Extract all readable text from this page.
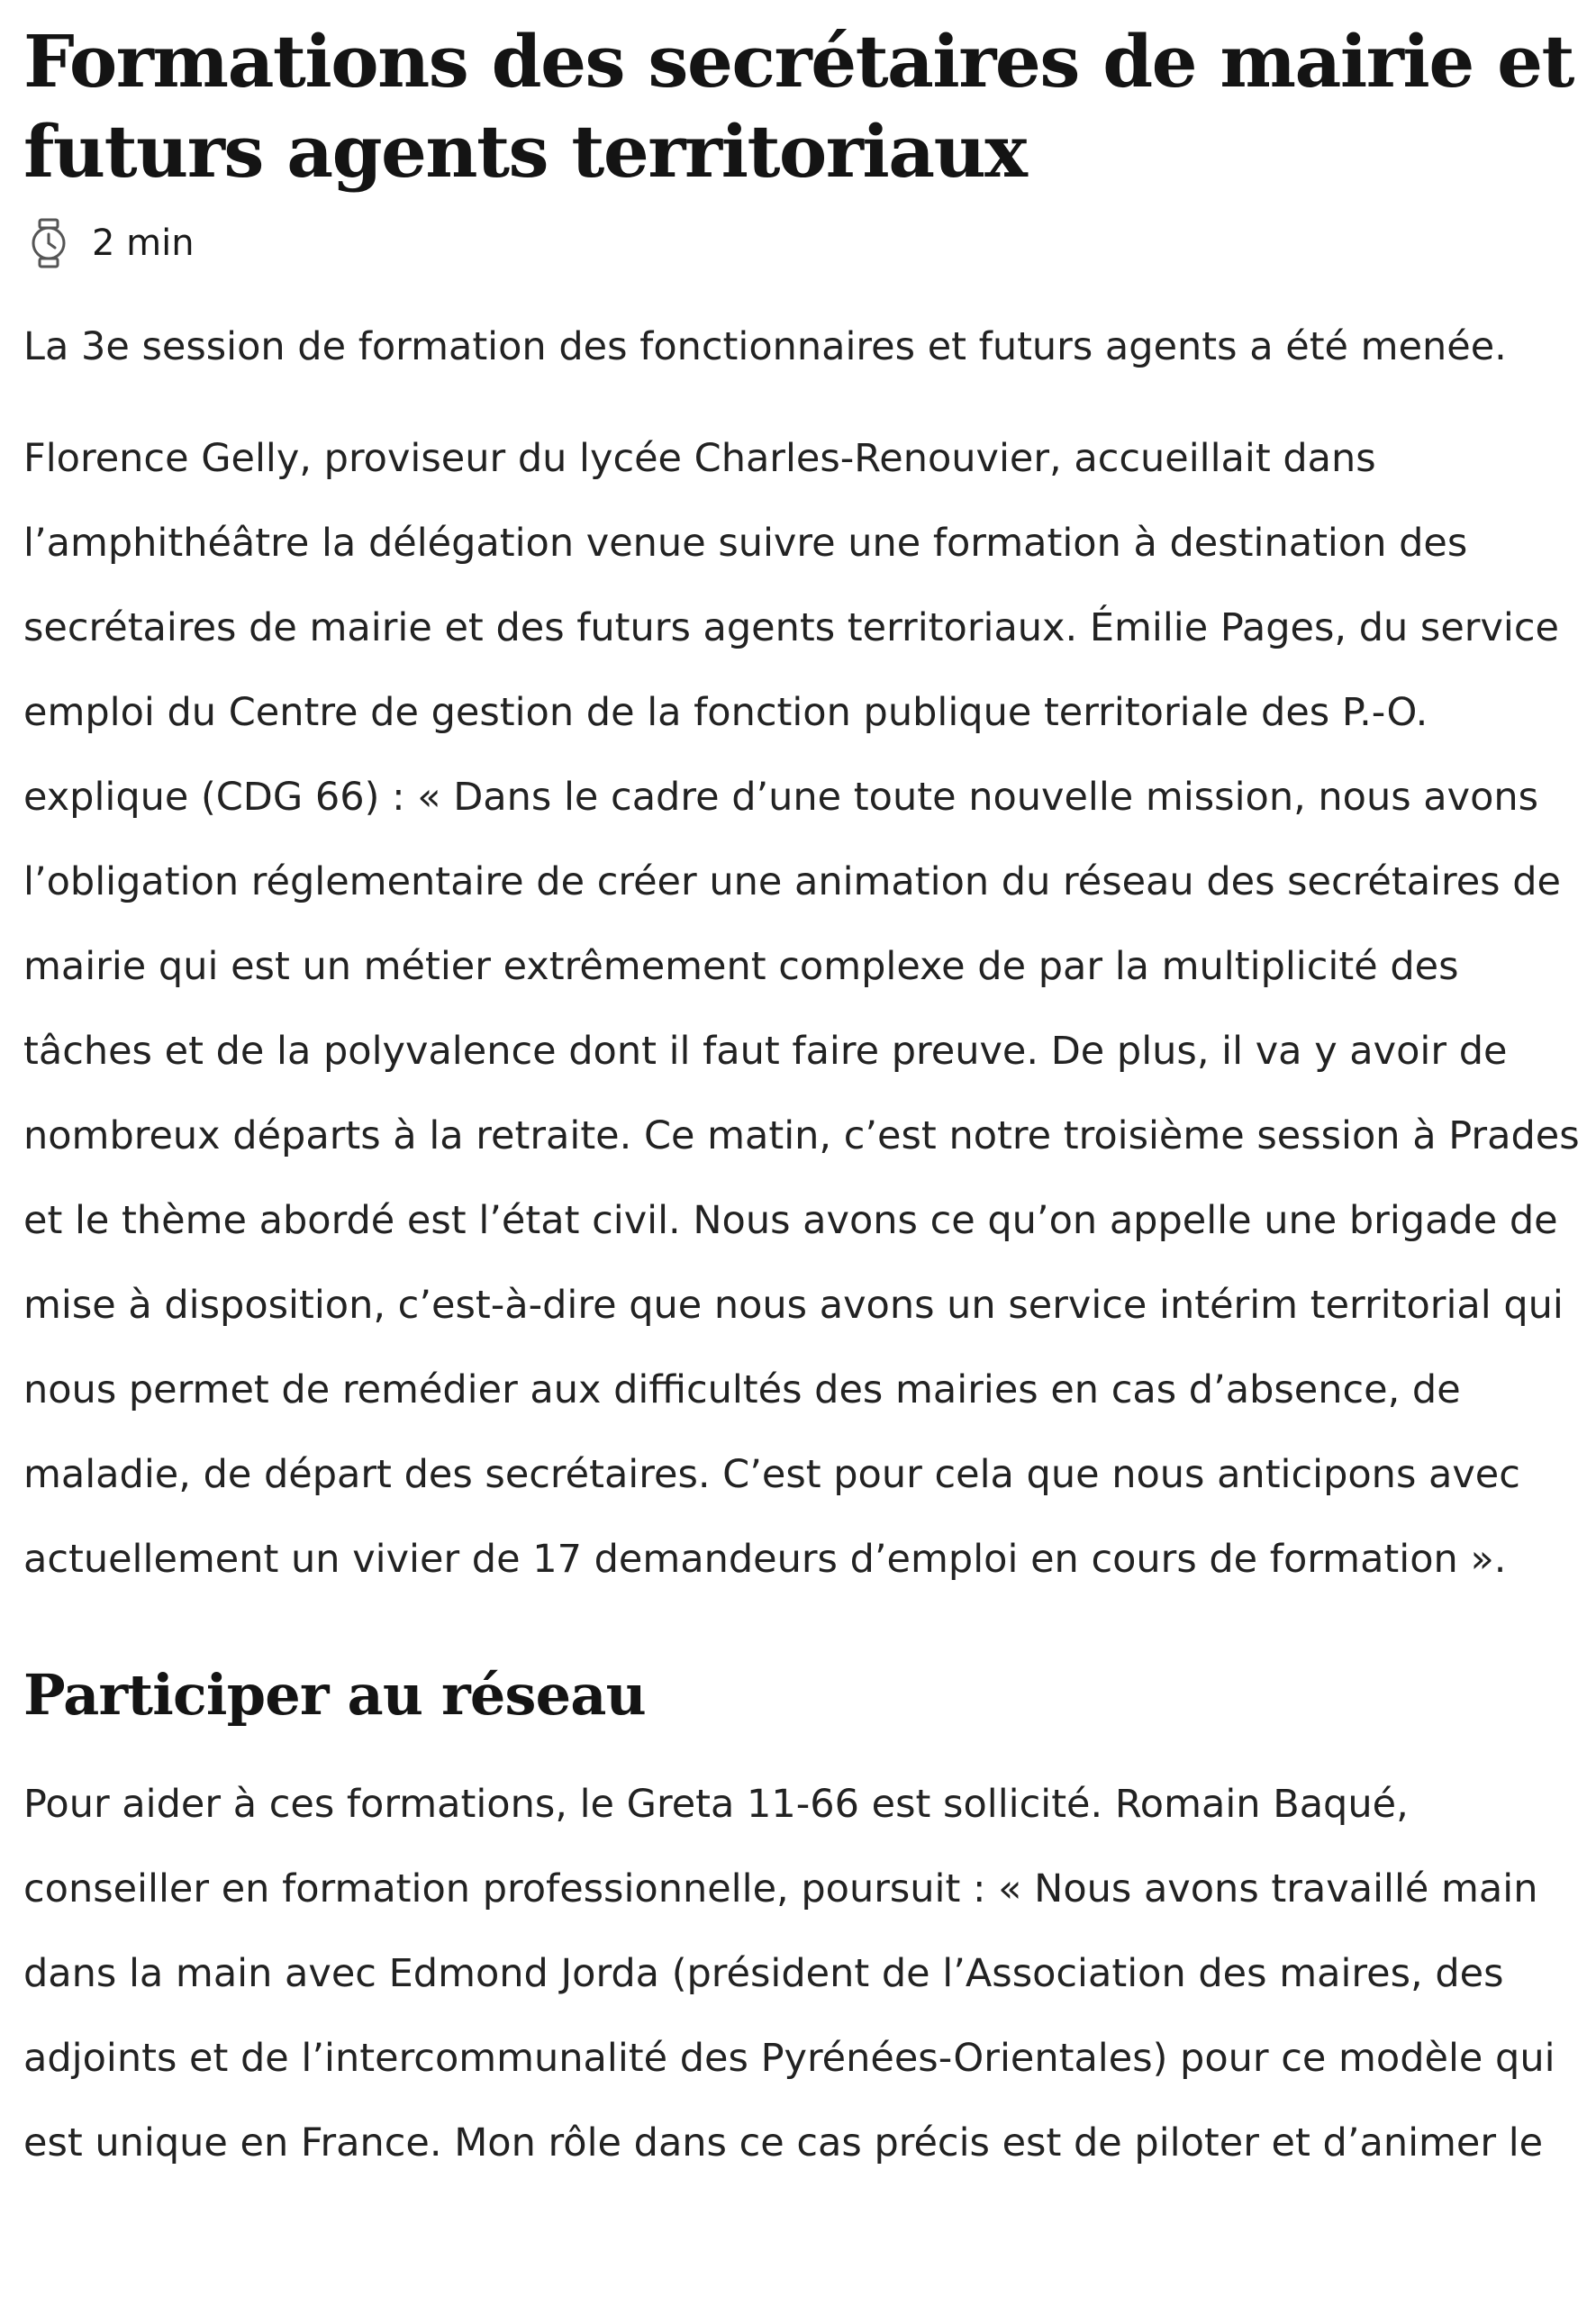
Formations des secrétaires de mairie et futurs agents territoriaux
2 min

La 3e session de formation des fonctionnaires et futurs agents a été menée.

Florence Gelly, proviseur du lycée Charles-Renouvier, accueillait dans l’amphithéâtre la délégation venue suivre une formation à destination des secrétaires de mairie et des futurs agents territoriaux. Émilie Pages, du service emploi du Centre de gestion de la fonction publique territoriale des P.-O. explique (CDG 66) : « Dans le cadre d’une toute nouvelle mission, nous avons l’obligation réglementaire de créer une animation du réseau des secrétaires de mairie qui est un métier extrêmement complexe de par la multiplicité des tâches et de la polyvalence dont il faut faire preuve. De plus, il va y avoir de nombreux départs à la retraite. Ce matin, c’est notre troisième session à Prades et le thème abordé est l’état civil. Nous avons ce qu’on appelle une brigade de mise à disposition, c’est-à-dire que nous avons un service intérim territorial qui nous permet de remédier aux difficultés des mairies en cas d’absence, de maladie, de départ des secrétaires. C’est pour cela que nous anticipons avec actuellement un vivier de 17 demandeurs d’emploi en cours de formation ».

Participer au réseau

Pour aider à ces formations, le Greta 11-66 est sollicité. Romain Baqué, conseiller en formation professionnelle, poursuit : « Nous avons travaillé main dans la main avec Edmond Jorda (président de l’Association des maires, des adjoints et de l’intercommunalité des Pyrénées-Orientales) pour ce modèle qui est unique en France. Mon rôle dans ce cas précis est de piloter et d’animer le
